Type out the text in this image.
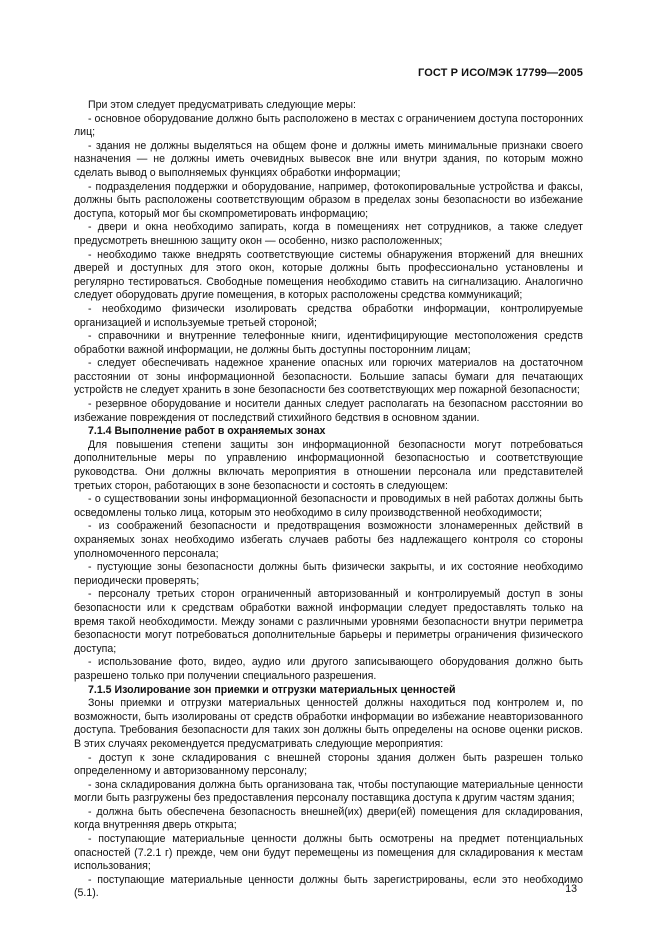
ГОСТ Р ИСО/МЭК 17799—2005

При этом следует предусматривать следующие меры:

- основное оборудование должно быть расположено в местах с ограничением доступа посторонних лиц;

- здания не должны выделяться на общем фоне и должны иметь минимальные признаки своего назначения — не должны иметь очевидных вывесок вне или внутри здания, по которым можно сделать вывод о выполняемых функциях обработки информации;

- подразделения поддержки и оборудование, например, фотокопировальные устройства и факсы, должны быть расположены соответствующим образом в пределах зоны безопасности во избежание доступа, который мог бы скомпрометировать информацию;

- двери и окна необходимо запирать, когда в помещениях нет сотрудников, а также следует предусмотреть внешнюю защиту окон — особенно, низко расположенных;

- необходимо также внедрять соответствующие системы обнаружения вторжений для внешних дверей и доступных для этого окон, которые должны быть профессионально установлены и регулярно тестироваться. Свободные помещения необходимо ставить на сигнализацию. Аналогично следует оборудовать другие помещения, в которых расположены средства коммуникаций;

- необходимо физически изолировать средства обработки информации, контролируемые организацией и используемые третьей стороной;

- справочники и внутренние телефонные книги, идентифицирующие местоположения средств обработки важной информации, не должны быть доступны посторонним лицам;

- следует обеспечивать надежное хранение опасных или горючих материалов на достаточном расстоянии от зоны информационной безопасности. Большие запасы бумаги для печатающих устройств не следует хранить в зоне безопасности без соответствующих мер пожарной безопасности;

- резервное оборудование и носители данных следует располагать на безопасном расстоянии во избежание повреждения от последствий стихийного бедствия в основном здании.

7.1.4 Выполнение работ в охраняемых зонах

Для повышения степени защиты зон информационной безопасности могут потребоваться дополнительные меры по управлению информационной безопасностью и соответствующие руководства. Они должны включать мероприятия в отношении персонала или представителей третьих сторон, работающих в зоне безопасности и состоять в следующем:

- о существовании зоны информационной безопасности и проводимых в ней работах должны быть осведомлены только лица, которым это необходимо в силу производственной необходимости;

- из соображений безопасности и предотвращения возможности злонамеренных действий в охраняемых зонах необходимо избегать случаев работы без надлежащего контроля со стороны уполномоченного персонала;

- пустующие зоны безопасности должны быть физически закрыты, и их состояние необходимо периодически проверять;

- персоналу третьих сторон ограниченный авторизованный и контролируемый доступ в зоны безопасности или к средствам обработки важной информации следует предоставлять только на время такой необходимости. Между зонами с различными уровнями безопасности внутри периметра безопасности могут потребоваться дополнительные барьеры и периметры ограничения физического доступа;

- использование фото, видео, аудио или другого записывающего оборудования должно быть разрешено только при получении специального разрешения.

7.1.5 Изолирование зон приемки и отгрузки материальных ценностей

Зоны приемки и отгрузки материальных ценностей должны находиться под контролем и, по возможности, быть изолированы от средств обработки информации во избежание неавторизованного доступа. Требования безопасности для таких зон должны быть определены на основе оценки рисков. В этих случаях рекомендуется предусматривать следующие мероприятия:

- доступ к зоне складирования с внешней стороны здания должен быть разрешен только определенному и авторизованному персоналу;

- зона складирования должна быть организована так, чтобы поступающие материальные ценности могли быть разгружены без предоставления персоналу поставщика доступа к другим частям здания;

- должна быть обеспечена безопасность внешней(их) двери(ей) помещения для складирования, когда внутренняя дверь открыта;

- поступающие материальные ценности должны быть осмотрены на предмет потенциальных опасностей (7.2.1 г) прежде, чем они будут перемещены из помещения для складирования к местам использования;

- поступающие материальные ценности должны быть зарегистрированы, если это необходимо (5.1).	13
